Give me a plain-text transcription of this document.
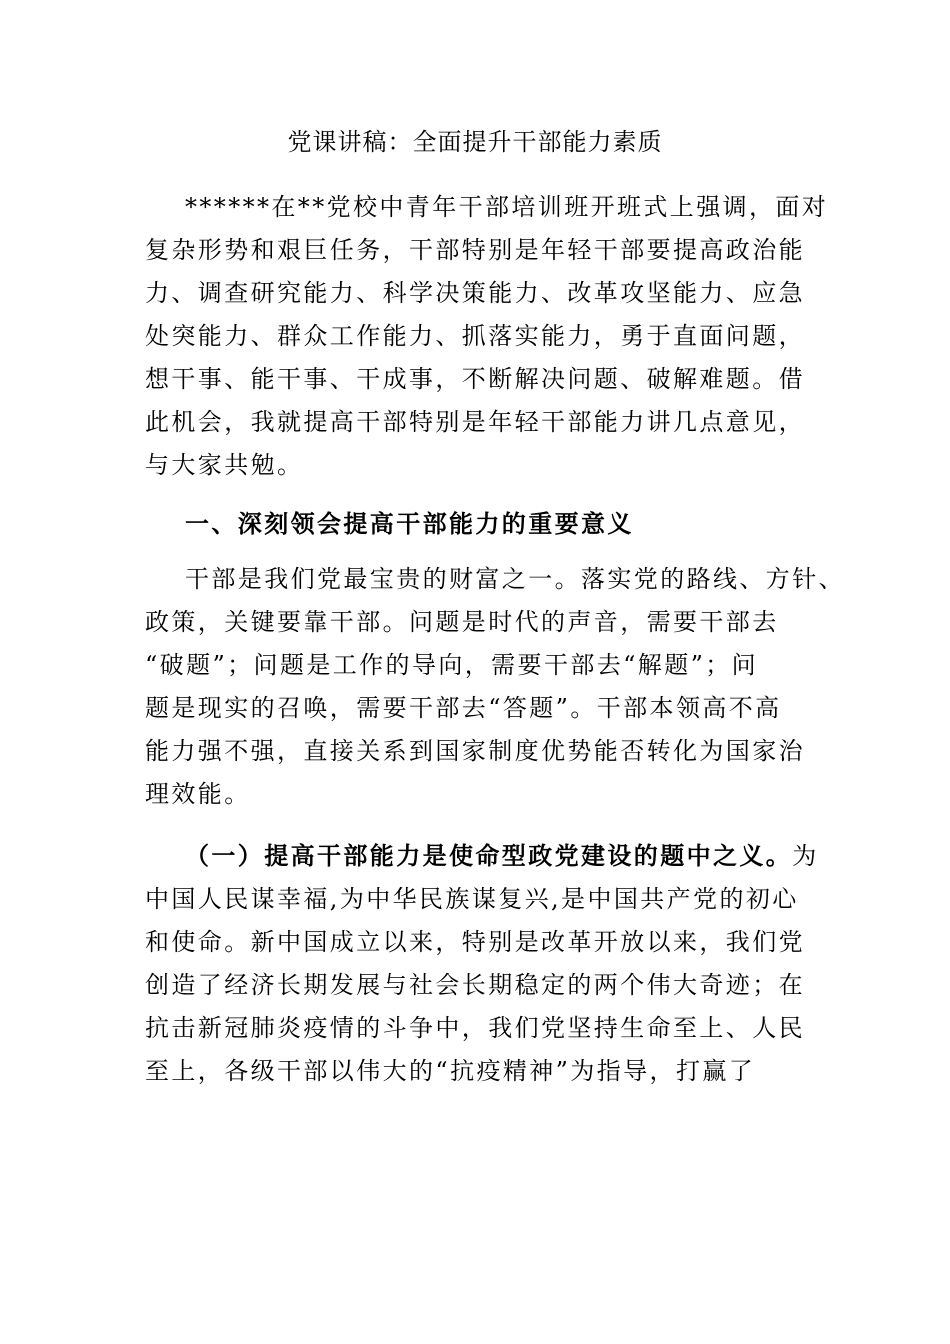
党课讲稿：全面提升干部能力素质
******在**党校中青年干部培训班开班式上强调，面对
复杂形势和艰巨任务，干部特别是年轻干部要提高政治能
力、调查研究能力、科学决策能力、改革攻坚能力、应急
处突能力、群众工作能力、抓落实能力，勇于直面问题，
想干事、能干事、干成事，不断解决问题、破解难题。借
此机会，我就提高干部特别是年轻干部能力讲几点意见，
与大家共勉。
一、深刻领会提高干部能力的重要意义
干部是我们党最宝贵的财富之一。落实党的路线、方针、
政策，关键要靠干部。问题是时代的声音，需要干部去
“破题”；问题是工作的导向，需要干部去“解题”；问
题是现实的召唤，需要干部去“答题”。干部本领高不高
能力强不强，直接关系到国家制度优势能否转化为国家治
理效能。
（一）提高干部能力是使命型政党建设的题中之义。为
中国人民谋幸福,为中华民族谋复兴,是中国共产党的初心
和使命。新中国成立以来，特别是改革开放以来，我们党
创造了经济长期发展与社会长期稳定的两个伟大奇迹；在
抗击新冠肺炎疫情的斗争中，我们党坚持生命至上、人民
至上，各级干部以伟大的“抗疫精神”为指导，打赢了
